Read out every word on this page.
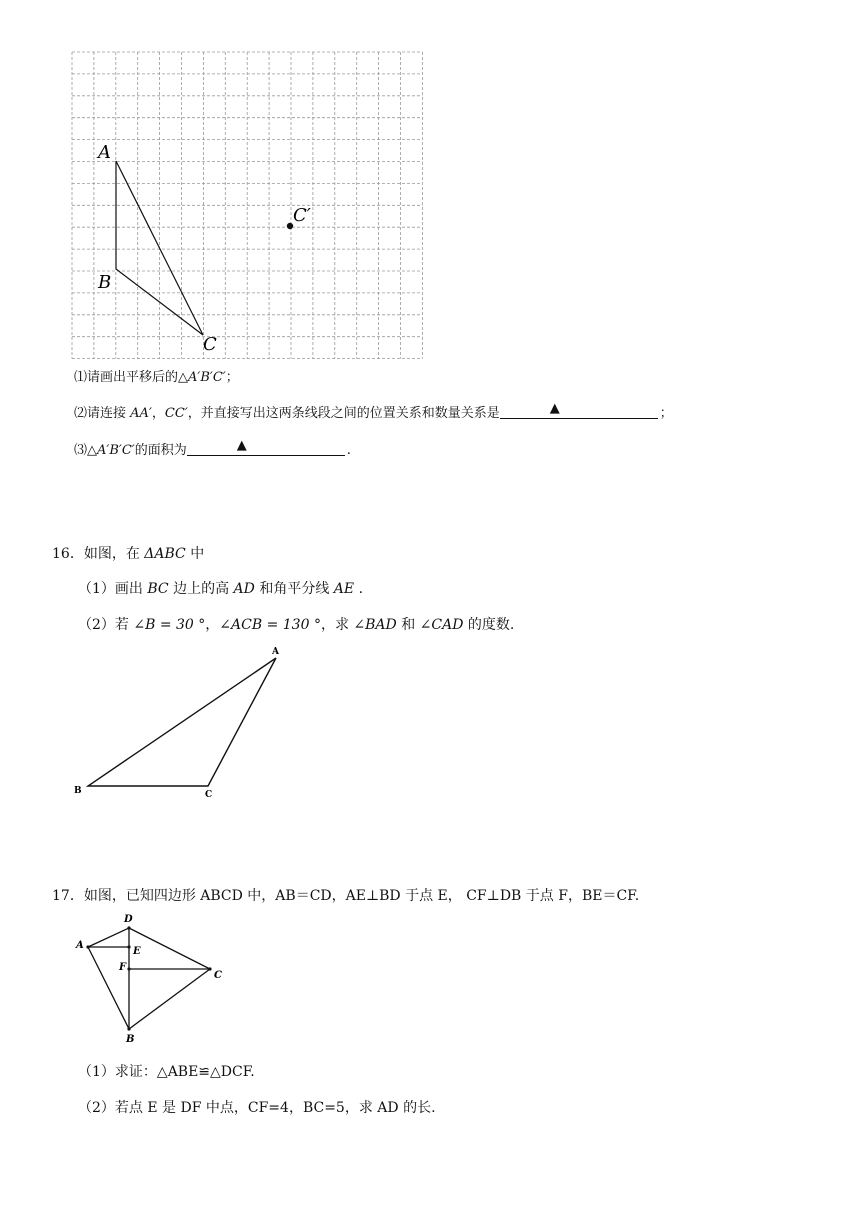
A
B
C
C′
⑴请画出平移后的△A′B′C′；
⑵请连接 AA′，CC′，并直接写出这两条线段之间的位置关系和数量关系是	▲	；
⑶△A′B′C′的面积为	▲	.
16．如图，在 ΔABC 中
（1）画出 BC 边上的高 AD 和角平分线 AE .
（2）若 ∠B = 30 °，∠ACB = 130 °，求 ∠BAD 和 ∠CAD 的度数.
A
B	C
17．如图，已知四边形 ABCD 中，AB＝CD，AE⊥BD 于点 E， CF⊥DB 于点 F，BE＝CF.
D
A
E
F
C
B
（1）求证：△ABE≌△DCF.
（2）若点 E 是 DF 中点，CF=4，BC=5，求 AD 的长.
